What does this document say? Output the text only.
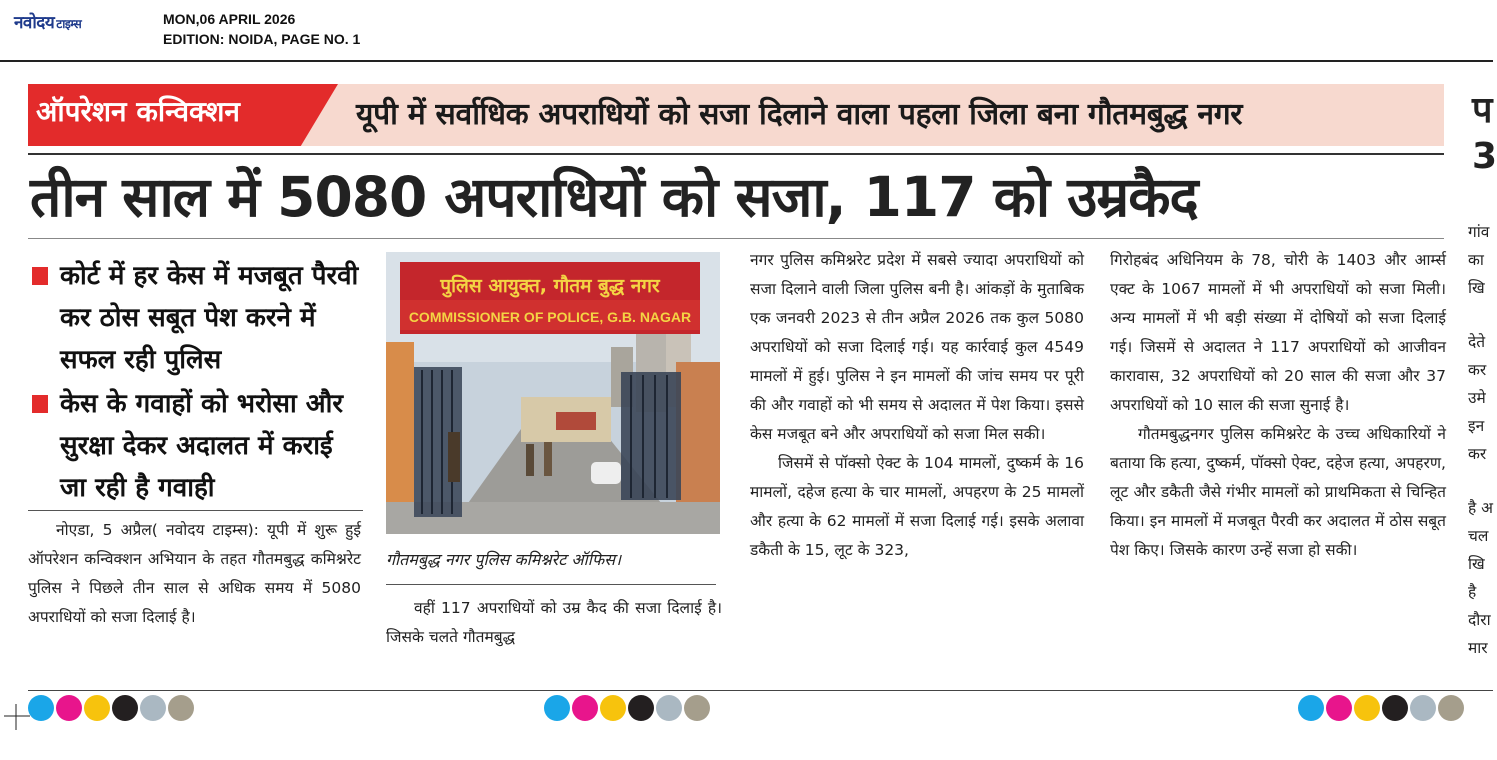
नवोदय टाइम्स	MON,06 APRIL 2026
EDITION: NOIDA, PAGE NO. 1
ऑपरेशन कन्विक्शन	यूपी में सर्वाधिक अपराधियों को सजा दिलाने वाला पहला जिला बना गौतमबुद्ध नगर
तीन साल में 5080 अपराधियों को सजा, 117 को उम्रकैद
कोर्ट में हर केस में मजबूत पैरवी कर ठोस सबूत पेश करने में सफल रही पुलिस
केस के गवाहों को भरोसा और सुरक्षा देकर अदालत में कराई जा रही है गवाही

नोएडा, 5 अप्रैल( नवोदय टाइम्स): यूपी में शुरू हुई ऑपरेशन कन्विक्शन अभियान के तहत गौतमबुद्ध कमिश्नरेट पुलिस ने पिछले तीन साल से अधिक समय में 5080 अपराधियों को सजा दिलाई है।

पुलिस आयुक्त, गौतम बुद्ध नगर
COMMISSIONER OF POLICE, G.B. NAGAR
गौतमबुद्ध नगर पुलिस कमिश्नरेट ऑफिस।

वहीं 117 अपराधियों को उम्र कैद की सजा दिलाई है। जिसके चलते गौतमबुद्ध

नगर पुलिस कमिश्नरेट प्रदेश में सबसे ज्यादा अपराधियों को सजा दिलाने वाली जिला पुलिस बनी है। आंकड़ों के मुताबिक एक जनवरी 2023 से तीन अप्रैल 2026 तक कुल 5080 अपराधियों को सजा दिलाई गई। यह कार्रवाई कुल 4549 मामलों में हुई। पुलिस ने इन मामलों की जांच समय पर पूरी की और गवाहों को भी समय से अदालत में पेश किया। इससे केस मजबूत बने और अपराधियों को सजा मिल सकी।

जिसमें से पॉक्सो ऐक्ट के 104 मामलों, दुष्कर्म के 16 मामलों, दहेज हत्या के चार मामलों, अपहरण के 25 मामलों और हत्या के 62 मामलों में सजा दिलाई गई। इसके अलावा डकैती के 15, लूट के 323,

गिरोहबंद अधिनियम के 78, चोरी के 1403 और आर्म्स एक्ट के 1067 मामलों में भी अपराधियों को सजा मिली। अन्य मामलों में भी बड़ी संख्या में दोषियों को सजा दिलाई गई। जिसमें से अदालत ने 117 अपराधियों को आजीवन कारावास, 32 अपराधियों को 20 साल की सजा और 37 अपराधियों को 10 साल की सजा सुनाई है।

गौतमबुद्धनगर पुलिस कमिश्नरेट के उच्च अधिकारियों ने बताया कि हत्या, दुष्कर्म, पॉक्सो ऐक्ट, दहेज हत्या, अपहरण, लूट और डकैती जैसे गंभीर मामलों को प्राथमिकता से चिन्हित किया। इन मामलों में मजबूत पैरवी कर अदालत में ठोस सबूत पेश किए। जिसके कारण उन्हें सजा हो सकी।

प
3
गांव
का
खि
देते
कर
उमे
इन
कर
है अ
चल
खि
है
दौरा
मार
